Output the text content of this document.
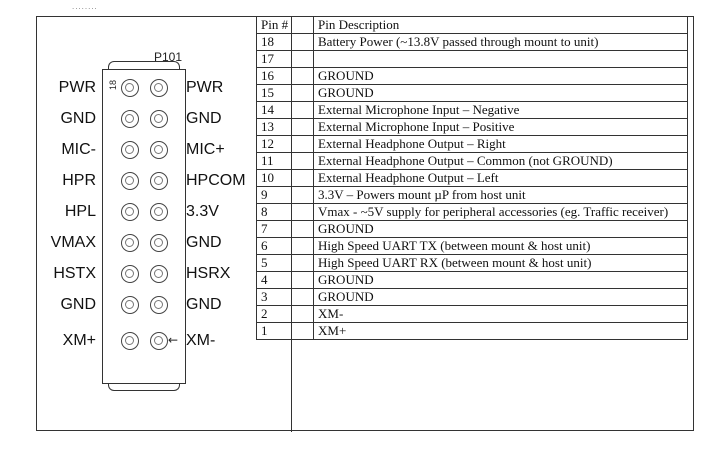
........
P101
PWR 18	PWR
GND	GND
MIC-	MIC+
HPR	HPCOM
HPL	3.3V
VMAX	GND
HSTX	HSRX
GND	GND
XM+	← XM-
Pin #	Pin Description
18	Battery Power (~13.8V passed through mount to unit)
17	
16	GROUND
15	GROUND
14	External Microphone Input – Negative
13	External Microphone Input – Positive
12	External Headphone Output – Right
11	External Headphone Output – Common (not GROUND)
10	External Headphone Output – Left
9	3.3V – Powers mount µP from host unit
8	Vmax - ~5V supply for peripheral accessories (eg. Traffic receiver)
7	GROUND
6	High Speed UART TX (between mount & host unit)
5	High Speed UART RX (between mount & host unit)
4	GROUND
3	GROUND
2	XM-
1	XM+
